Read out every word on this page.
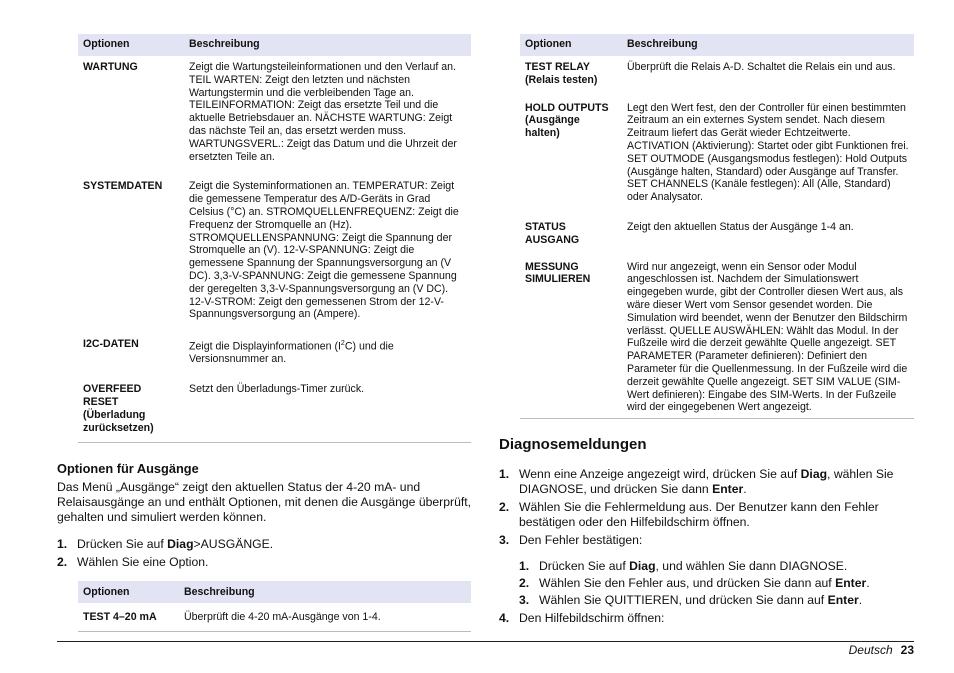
Optionen	Beschreibung
WARTUNG	Zeigt die Wartungsteileinformationen und den Verlauf an. TEIL WARTEN: Zeigt den letzten und nächsten Wartungstermin und die verbleibenden Tage an. TEILEINFORMATION: Zeigt das ersetzte Teil und die aktuelle Betriebsdauer an. NÄCHSTE WARTUNG: Zeigt das nächste Teil an, das ersetzt werden muss. WARTUNGSVERL.: Zeigt das Datum und die Uhrzeit der ersetzten Teile an.
SYSTEMDATEN	Zeigt die Systeminformationen an. TEMPERATUR: Zeigt die gemessene Temperatur des A/D-Geräts in Grad Celsius (°C) an. STROMQUELLENFREQUENZ: Zeigt die Frequenz der Stromquelle an (Hz). STROMQUELLENSPANNUNG: Zeigt die Spannung der Stromquelle an (V). 12-V-SPANNUNG: Zeigt die gemessene Spannung der Spannungsversorgung an (V DC). 3,3-V-SPANNUNG: Zeigt die gemessene Spannung der geregelten 3,3-V-Spannungsversorgung an (V DC). 12-V-STROM: Zeigt den gemessenen Strom der 12-V-Spannungsversorgung an (Ampere).
I2C-DATEN	Zeigt die Displayinformationen $(I^2C)$ und die Versionsnummer an.
OVERFEED RESET (Überladung zurücksetzen)	Setzt den Überladungs-Timer zurück.

Optionen für Ausgänge

Das Menü „Ausgänge“ zeigt den aktuellen Status der 4-20 mA- und Relaisausgänge an und enthält Optionen, mit denen die Ausgänge überprüft, gehalten und simuliert werden können.

1. Drücken Sie auf Diag>AUSGÄNGE.
2. Wählen Sie eine Option.
Optionen	Beschreibung
TEST 4–20 mA	Überprüft die 4-20 mA-Ausgänge von 1-4.
Optionen	Beschreibung
TEST RELAY (Relais testen)	Überprüft die Relais A-D. Schaltet die Relais ein und aus.
HOLD OUTPUTS (Ausgänge halten)	Legt den Wert fest, den der Controller für einen bestimmten Zeitraum an ein externes System sendet. Nach diesem Zeitraum liefert das Gerät wieder Echtzeitwerte. ACTIVATION (Aktivierung): Startet oder gibt Funktionen frei. SET OUTMODE (Ausgangsmodus festlegen): Hold Outputs (Ausgänge halten, Standard) oder Ausgänge auf Transfer. SET CHANNELS (Kanäle festlegen): All (Alle, Standard) oder Analysator.
STATUS AUSGANG	Zeigt den aktuellen Status der Ausgänge 1-4 an.
MESSUNG SIMULIEREN	Wird nur angezeigt, wenn ein Sensor oder Modul angeschlossen ist. Nachdem der Simulationswert eingegeben wurde, gibt der Controller diesen Wert aus, als wäre dieser Wert vom Sensor gesendet worden. Die Simulation wird beendet, wenn der Benutzer den Bildschirm verlässt. QUELLE AUSWÄHLEN: Wählt das Modul. In der Fußzeile wird die derzeit gewählte Quelle angezeigt. SET PARAMETER (Parameter definieren): Definiert den Parameter für die Quellenmessung. In der Fußzeile wird die derzeit gewählte Quelle angezeigt. SET SIM VALUE (SIM-Wert definieren): Eingabe des SIM-Werts. In der Fußzeile wird der eingegebenen Wert angezeigt.

Diagnosemeldungen

1. Wenn eine Anzeige angezeigt wird, drücken Sie auf Diag, wählen Sie DIAGNOSE, und drücken Sie dann Enter.
2. Wählen Sie die Fehlermeldung aus. Der Benutzer kann den Fehler bestätigen oder den Hilfebildschirm öffnen.
3. Den Fehler bestätigen:
1. Drücken Sie auf Diag, und wählen Sie dann DIAGNOSE.
2. Wählen Sie den Fehler aus, und drücken Sie dann auf Enter.
3. Wählen Sie QUITTIEREN, und drücken Sie dann auf Enter.
4. Den Hilfebildschirm öffnen:
Deutsch 23
